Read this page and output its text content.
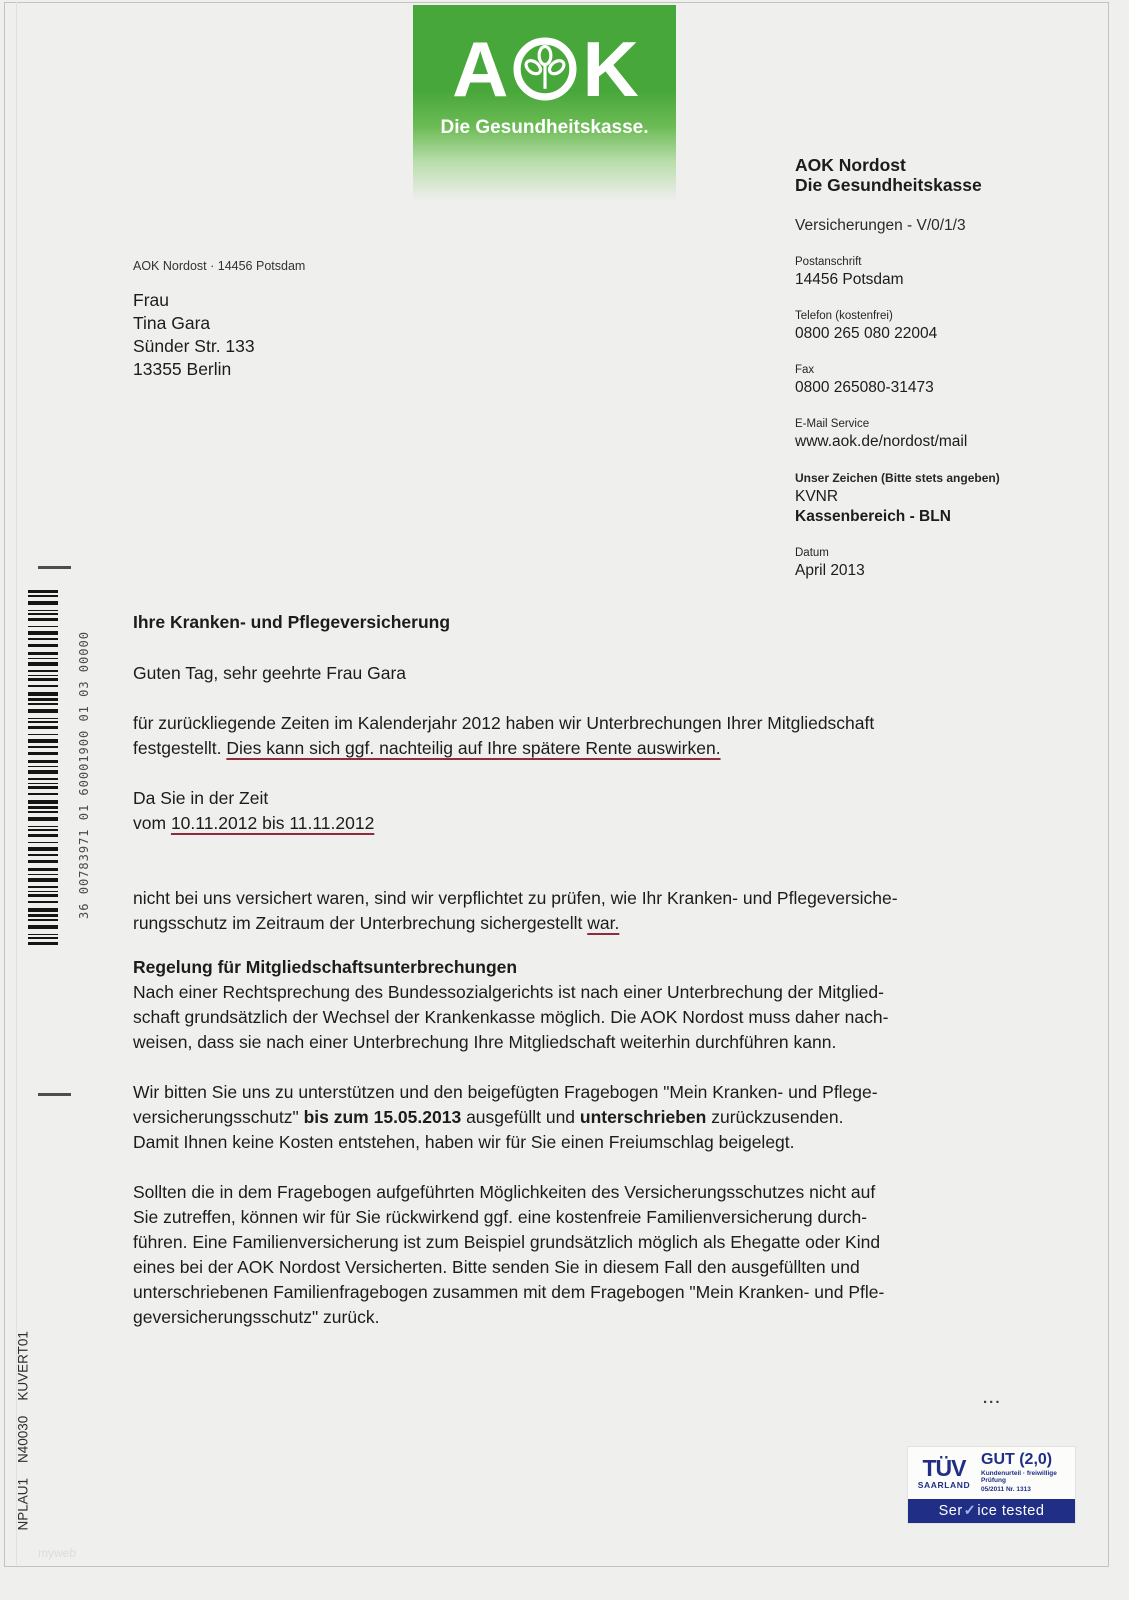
A K
Die Gesundheitskasse.
AOK Nordost
Die Gesundheitskasse
Versicherungen - V/0/1/3
Postanschrift
14456 Potsdam
Telefon (kostenfrei)
0800 265 080 22004
Fax
0800 265080-31473
E-Mail Service
www.aok.de/nordost/mail
Unser Zeichen (Bitte stets angeben)
KVNR
Kassenbereich - BLN
Datum
April 2013
AOK Nordost · 14456 Potsdam
Frau
Tina Gara
Sünder Str. 133
13355 Berlin
36 00783971 01 60001900 01 03 00000
Ihre Kranken- und Pflegeversicherung
Guten Tag, sehr geehrte Frau Gara
für zurückliegende Zeiten im Kalenderjahr 2012 haben wir Unterbrechungen Ihrer Mitgliedschaft
festgestellt. Dies kann sich ggf. nachteilig auf Ihre spätere Rente auswirken.
Da Sie in der Zeit
vom 10.11.2012 bis 11.11.2012
nicht bei uns versichert waren, sind wir verpflichtet zu prüfen, wie Ihr Kranken- und Pflegeversiche-
rungsschutz im Zeitraum der Unterbrechung sichergestellt war.
Regelung für Mitgliedschaftsunterbrechungen
Nach einer Rechtsprechung des Bundessozialgerichts ist nach einer Unterbrechung der Mitglied-
schaft grundsätzlich der Wechsel der Krankenkasse möglich. Die AOK Nordost muss daher nach-
weisen, dass sie nach einer Unterbrechung Ihre Mitgliedschaft weiterhin durchführen kann.
Wir bitten Sie uns zu unterstützen und den beigefügten Fragebogen "Mein Kranken- und Pflege-
versicherungsschutz" bis zum 15.05.2013 ausgefüllt und unterschrieben zurückzusenden.
Damit Ihnen keine Kosten entstehen, haben wir für Sie einen Freiumschlag beigelegt.
Sollten die in dem Fragebogen aufgeführten Möglichkeiten des Versicherungsschutzes nicht auf
Sie zutreffen, können wir für Sie rückwirkend ggf. eine kostenfreie Familienversicherung durch-
führen. Eine Familienversicherung ist zum Beispiel grundsätzlich möglich als Ehegatte oder Kind
eines bei der AOK Nordost Versicherten. Bitte senden Sie in diesem Fall den ausgefüllten und
unterschriebenen Familienfragebogen zusammen mit dem Fragebogen "Mein Kranken- und Pfle-
geversicherungsschutz" zurück.
...
NPLAU1    N40030    KUVERT01
myweb
TÜV
SAARLAND
GUT (2,0)
Kundenurteil · freiwillige Prüfung
05/2011 Nr. 1313
Ser ✓ ice tested
